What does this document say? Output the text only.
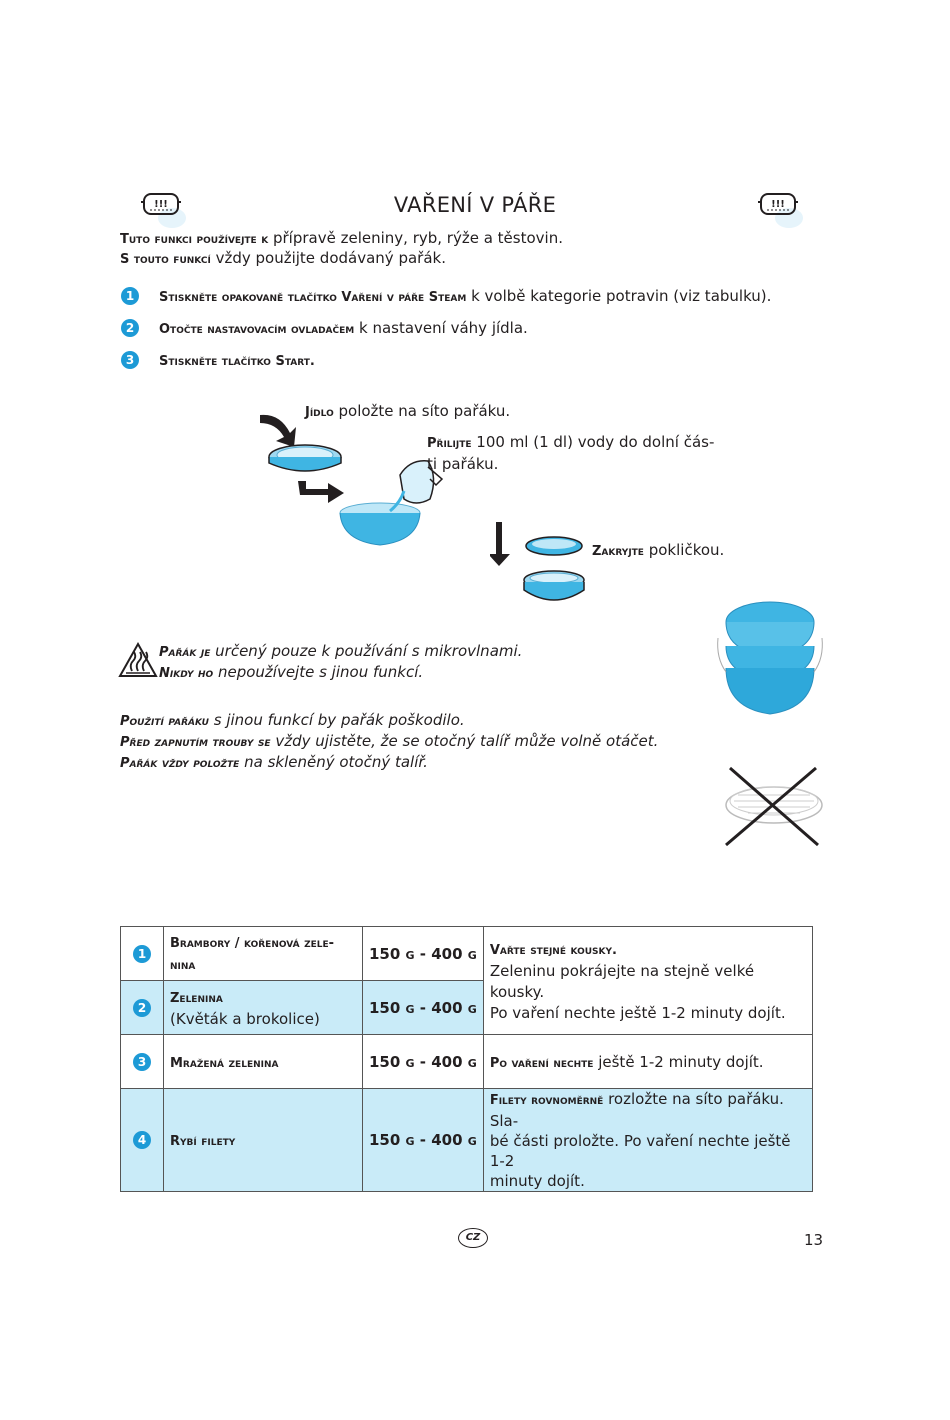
!!!	VAŘENÍ V PÁŘE	!!!
Tuto funkci používejte k přípravě zeleniny, ryb, rýže a těstovin.
S touto funkcí vždy použijte dodávaný pařák.
1	Stiskněte opakovaně tlačítko Vaření v páře Steam k volbě kategorie potravin (viz tabulku).
2	Otočte nastavovacím ovladačem k nastavení váhy jídla.
3	Stiskněte tlačítko Start.
Jídlo položte na síto pařáku.
Přilijte 100 ml (1 dl) vody do dolní čás-
ti pařáku.
Zakryjte pokličkou.
Pařák je určený pouze k používání s mikrovlnami.
Nikdy ho nepoužívejte s jinou funkcí.
Použití pařáku s jinou funkcí by pařák poškodilo.
Před zapnutím trouby se vždy ujistěte, že se otočný talíř může volně otáčet.
Pařák vždy položte na skleněný otočný talíř.
1	Brambory / kořenová zele-
nina	150 g - 400 g	Vařte stejné kousky.
Zeleninu pokrájejte na stejně velké kousky.
Po vaření nechte ještě 1-2 minuty dojít.

2	Zelenina
(Květák a brokolice)	150 g - 400 g	

3	Mražená zelenina	150 g - 400 g	Po vaření nechte ještě 1-2 minuty dojít.

4	Rybí filety	150 g - 400 g	Filety rovnoměrně rozložte na síto pařáku. Sla-
bé části proložte. Po vaření nechte ještě 1-2
minuty dojít.
CZ	13
